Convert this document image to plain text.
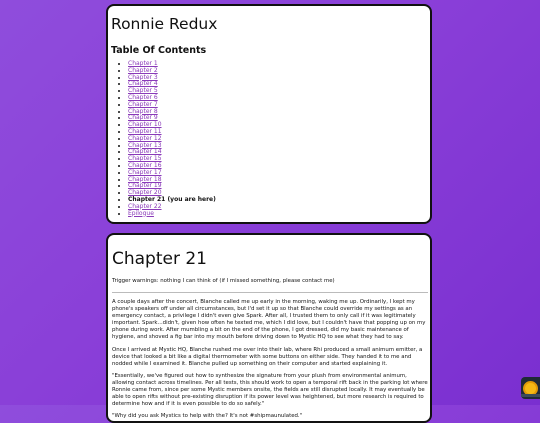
Ronnie Redux
Table Of Contents
• Chapter 1
• Chapter 2
• Chapter 3
• Chapter 4
• Chapter 5
• Chapter 6
• Chapter 7
• Chapter 8
• Chapter 9
• Chapter 10
• Chapter 11
• Chapter 12
• Chapter 13
• Chapter 14
• Chapter 15
• Chapter 16
• Chapter 17
• Chapter 18
• Chapter 19
• Chapter 20
• Chapter 21 (you are here)
• Chapter 22
• Epilogue
Chapter 21
Trigger warnings: nothing I can think of (if I missed something, please contact me)

A couple days after the concert, Blanche called me up early in the morning, waking me up. Ordinarily, I kept my phone's speakers off under all circumstances, but I'd set it up so that Blanche could override my settings as an emergency contact, a privilege I didn't even give Spark. After all, I trusted them to only call if it was legitimately important. Spark...didn't, given how often he texted me, which I did love, but I couldn't have that popping up on my phone during work. After mumbling a bit on the end of the phone, I got dressed, did my basic maintenance of hygiene, and shoved a fig bar into my mouth before driving down to Mystic HQ to see what they had to say.

Once I arrived at Mystic HQ, Blanche rushed me over into their lab, where Rhi produced a small animum emitter, a device that looked a bit like a digital thermometer with some buttons on either side. They handed it to me and nodded while I examined it. Blanche pulled up something on their computer and started explaining it.

"Essentially, we've figured out how to synthesize the signature from your plush from environmental animum, allowing contact across timelines. Per all tests, this should work to open a temporal rift back in the parking lot where Ronnie came from, since per some Mystic members onsite, the fields are still disrupted locally. It may eventually be able to open rifts without pre-existing disruption if its power level was heightened, but more research is required to determine how and if it is even possible to do so safely."

"Why did you ask Mystics to help with the? It's not #shipmaunulated."
